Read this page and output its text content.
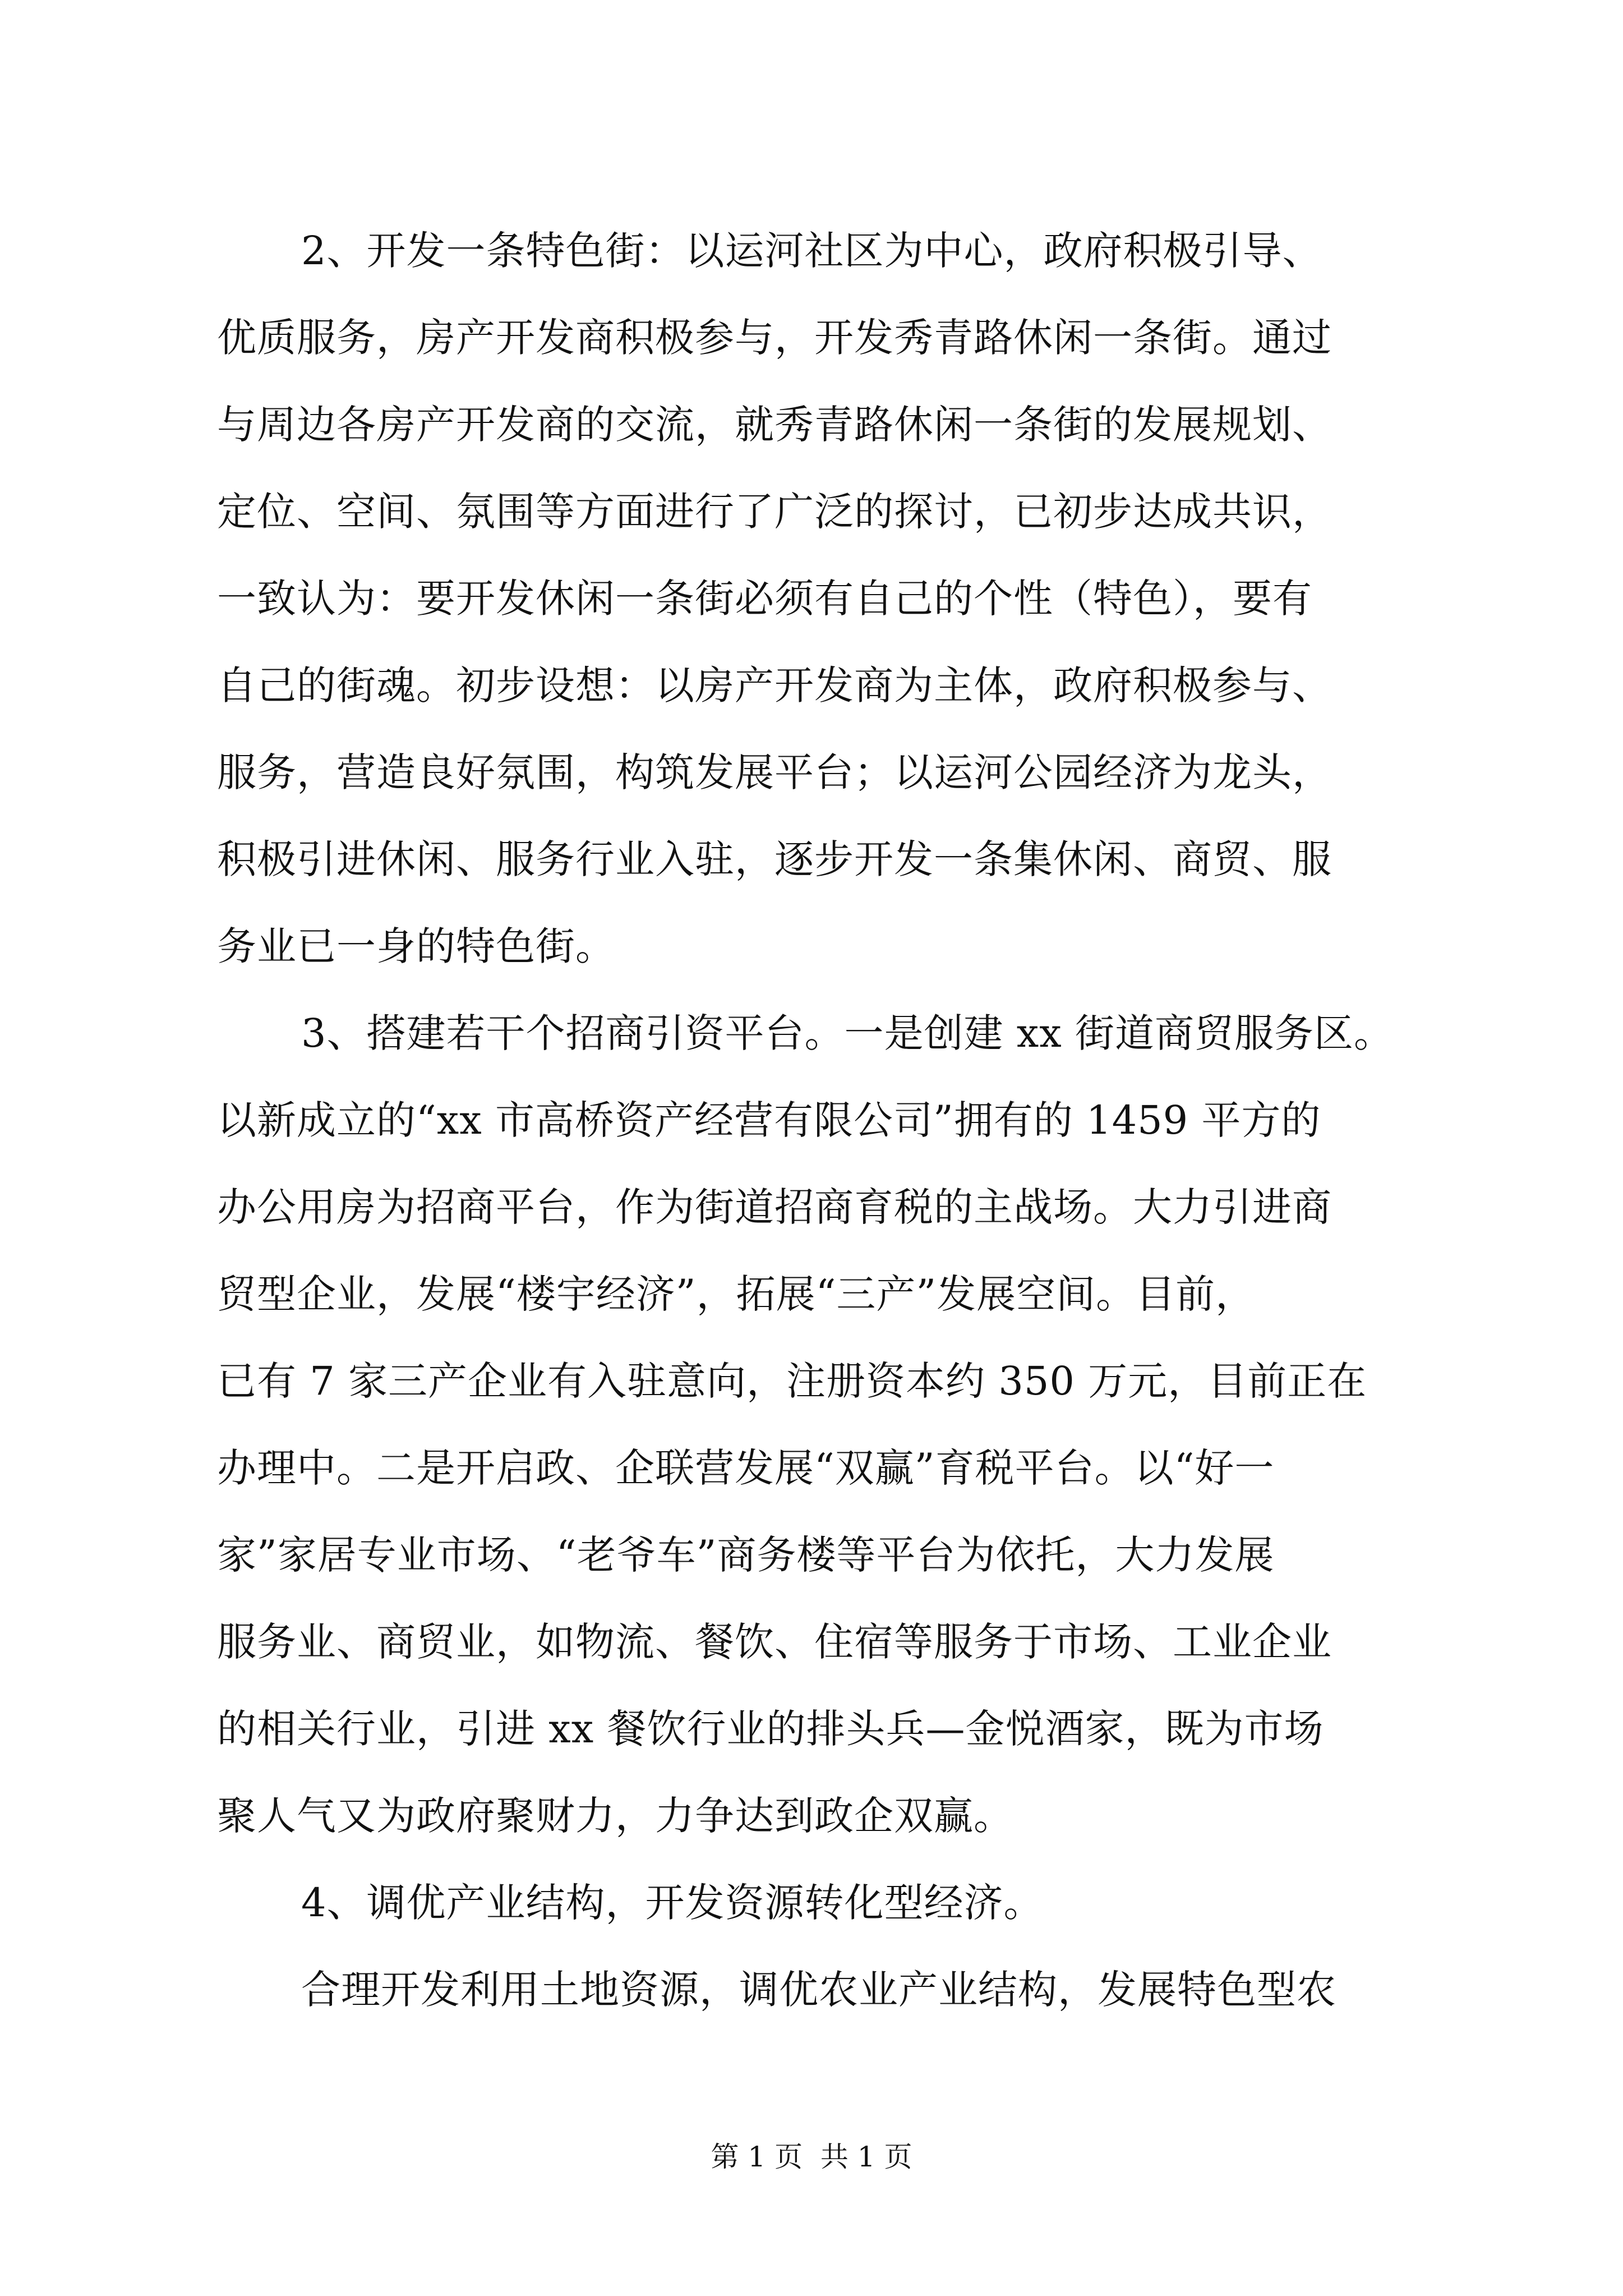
2、开发一条特色街：以运河社区为中心，政府积极引导、
优质服务，房产开发商积极参与，开发秀青路休闲一条街。通过
与周边各房产开发商的交流，就秀青路休闲一条街的发展规划、
定位、空间、氛围等方面进行了广泛的探讨，已初步达成共识，
一致认为：要开发休闲一条街必须有自己的个性（特色），要有
自己的街魂。初步设想：以房产开发商为主体，政府积极参与、
服务，营造良好氛围，构筑发展平台；以运河公园经济为龙头，
积极引进休闲、服务行业入驻，逐步开发一条集休闲、商贸、服
务业已一身的特色街。
3、搭建若干个招商引资平台。一是创建 xx 街道商贸服务区。
以新成立的“xx 市高桥资产经营有限公司”拥有的 1459 平方的
办公用房为招商平台，作为街道招商育税的主战场。大力引进商
贸型企业，发展“楼宇经济”，拓展“三产”发展空间。目前，
已有 7 家三产企业有入驻意向，注册资本约 350 万元，目前正在
办理中。二是开启政、企联营发展“双赢”育税平台。以“好一
家”家居专业市场、“老爷车”商务楼等平台为依托，大力发展
服务业、商贸业，如物流、餐饮、住宿等服务于市场、工业企业
的相关行业，引进 xx 餐饮行业的排头兵—金悦酒家，既为市场
聚人气又为政府聚财力，力争达到政企双赢。
4、调优产业结构，开发资源转化型经济。
合理开发利用土地资源，调优农业产业结构，发展特色型农
第 1 页  共 1 页
